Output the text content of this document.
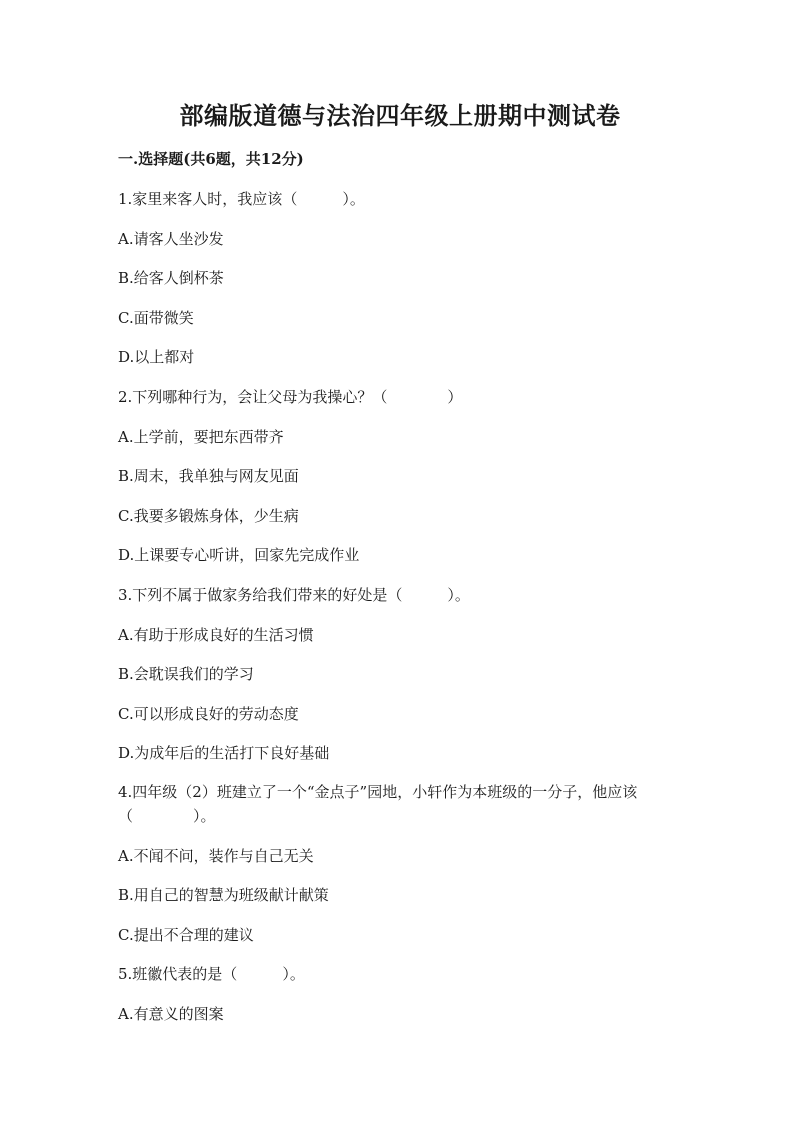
部编版道德与法治四年级上册期中测试卷
一.选择题(共6题，共12分)
1.家里来客人时，我应该（　　　）。
A.请客人坐沙发
B.给客人倒杯茶
C.面带微笑
D.以上都对
2.下列哪种行为，会让父母为我操心？（　　　　）
A.上学前，要把东西带齐
B.周末，我单独与网友见面
C.我要多锻炼身体，少生病
D.上课要专心听讲，回家先完成作业
3.下列不属于做家务给我们带来的好处是（　　　）。
A.有助于形成良好的生活习惯
B.会耽误我们的学习
C.可以形成良好的劳动态度
D.为成年后的生活打下良好基础
4.四年级（2）班建立了一个“金点子”园地，小轩作为本班级的一分子，他应该（　　　　）。
A.不闻不问，装作与自己无关
B.用自己的智慧为班级献计献策
C.提出不合理的建议
5.班徽代表的是（　　　）。
A.有意义的图案
